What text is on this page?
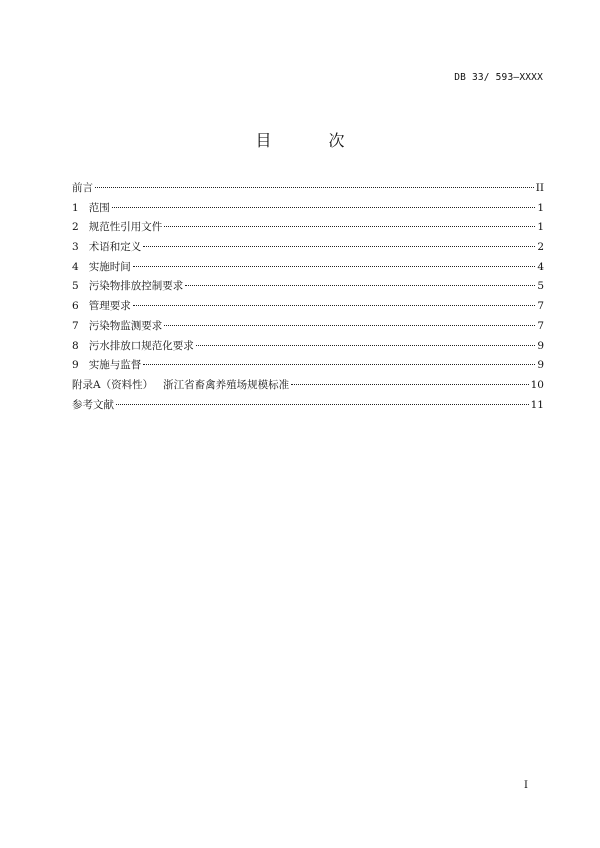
DB 33/ 593—XXXX
目 次
前言	II
1   范围	1
2   规范性引用文件	1
3   术语和定义	2
4   实施时间	4
5   污染物排放控制要求	5
6   管理要求	7
7   污染物监测要求	7
8   污水排放口规范化要求	9
9   实施与监督	9
附录A（资料性）   浙江省畜禽养殖场规模标准	10
参考文献	11
I
